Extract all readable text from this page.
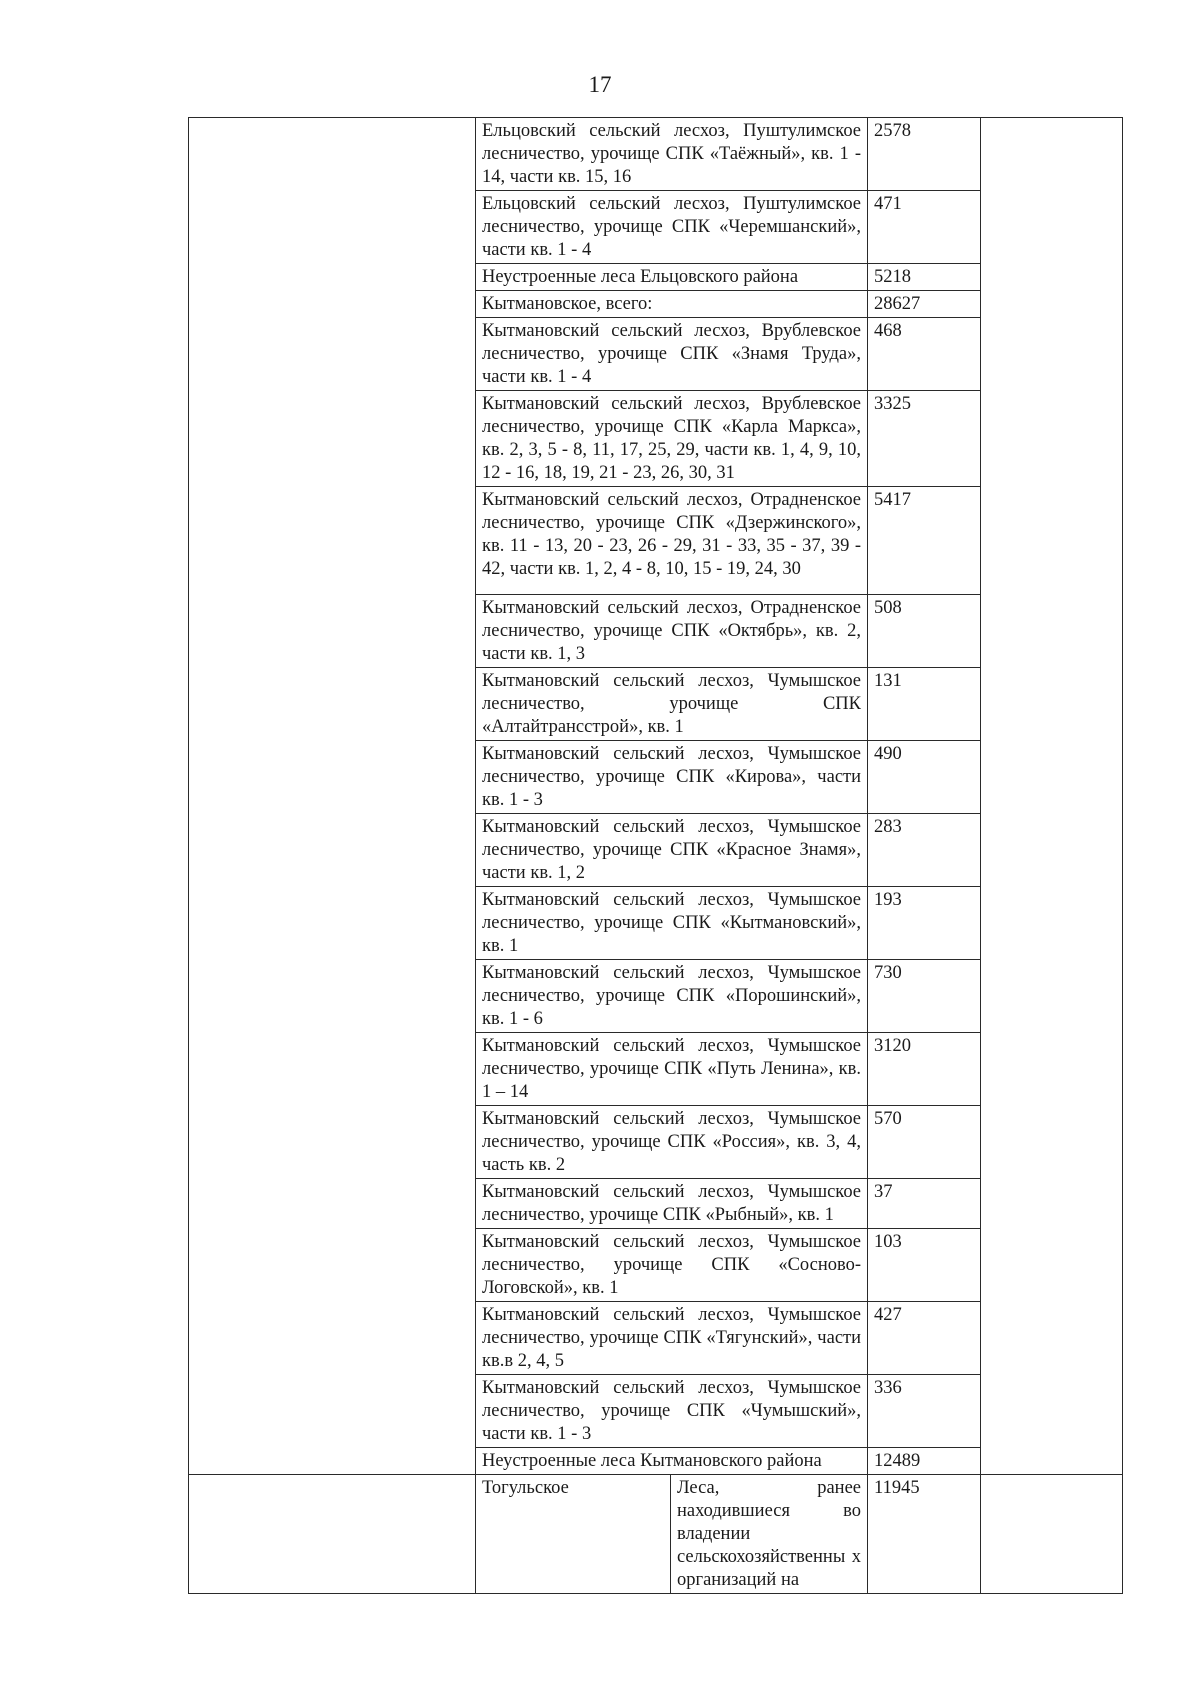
17
	Ельцовский сельский лесхоз, Пуштулимское лесничество, урочище СПК «Таёжный», кв. 1 - 14, части кв. 15, 16		2578	
	Ельцовский сельский лесхоз, Пуштулимское лесничество, урочище СПК «Черемшанский», части кв. 1 - 4		471	
	Неустроенные леса Ельцовского района		5218	
	Кытмановское, всего:		28627	
	Кытмановский сельский лесхоз, Врублевское лесничество, урочище СПК «Знамя Труда», части кв. 1 - 4		468	
	Кытмановский сельский лесхоз, Врублевское лесничество, урочище СПК «Карла Маркса», кв. 2, 3, 5 - 8, 11, 17, 25, 29, части кв. 1, 4, 9, 10, 12 - 16, 18, 19, 21 - 23, 26, 30, 31		3325	
	Кытмановский сельский лесхоз, Отрадненское лесничество, урочище СПК «Дзержинского», кв. 11 - 13, 20 - 23, 26 - 29, 31 - 33, 35 - 37, 39 - 42, части кв. 1, 2, 4 - 8, 10, 15 - 19, 24, 30		5417	
	Кытмановский сельский лесхоз, Отрадненское лесничество, урочище СПК «Октябрь», кв. 2, части кв. 1, 3		508	
	Кытмановский сельский лесхоз, Чумышское лесничество, урочище СПК «Алтайтрансстрой», кв. 1		131	
	Кытмановский сельский лесхоз, Чумышское лесничество, урочище СПК «Кирова», части кв. 1 - 3		490	
	Кытмановский сельский лесхоз, Чумышское лесничество, урочище СПК «Красное Знамя», части кв. 1, 2		283	
	Кытмановский сельский лесхоз, Чумышское лесничество, урочище СПК «Кытмановский», кв. 1		193	
	Кытмановский сельский лесхоз, Чумышское лесничество, урочище СПК «Порошинский», кв. 1 - 6		730	
	Кытмановский сельский лесхоз, Чумышское лесничество, урочище СПК «Путь Ленина», кв. 1 – 14		3120	
	Кытмановский сельский лесхоз, Чумышское лесничество, урочище СПК «Россия», кв. 3, 4, часть кв. 2		570	
	Кытмановский сельский лесхоз, Чумышское лесничество, урочище СПК «Рыбный», кв. 1		37	
	Кытмановский сельский лесхоз, Чумышское лесничество, урочище СПК «Сосново-Логовской», кв. 1		103	
	Кытмановский сельский лесхоз, Чумышское лесничество, урочище СПК «Тягунский», части кв.в 2, 4, 5		427	
	Кытмановский сельский лесхоз, Чумышское лесничество, урочище СПК «Чумышский», части кв. 1 - 3		336	
	Неустроенные леса Кытмановского района		12489	
	Тогульское	Леса, ранее находившиеся во владении сельскохозяйственны х организаций на	11945	
